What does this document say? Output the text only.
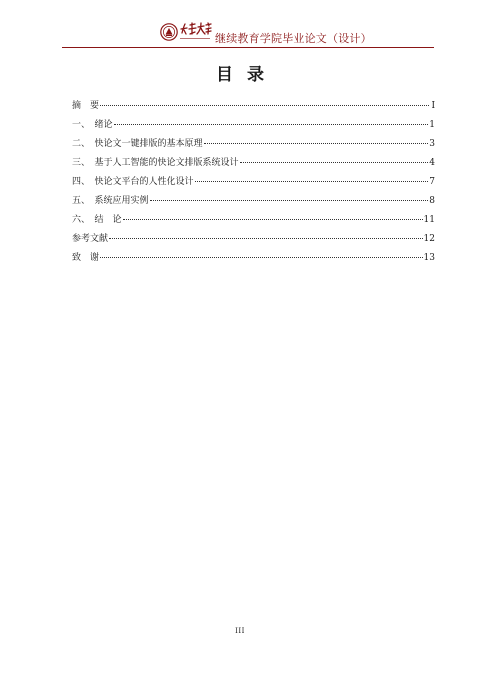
继续教育学院毕业论文（设计）
目录
摘　要	I
一、　绪论	1
二、　快论文一键排版的基本原理	3
三、　基于人工智能的快论文排版系统设计	4
四、　快论文平台的人性化设计	7
五、　系统应用实例	8
六、　结　论	11
参考文献	12
致　谢	13
III
